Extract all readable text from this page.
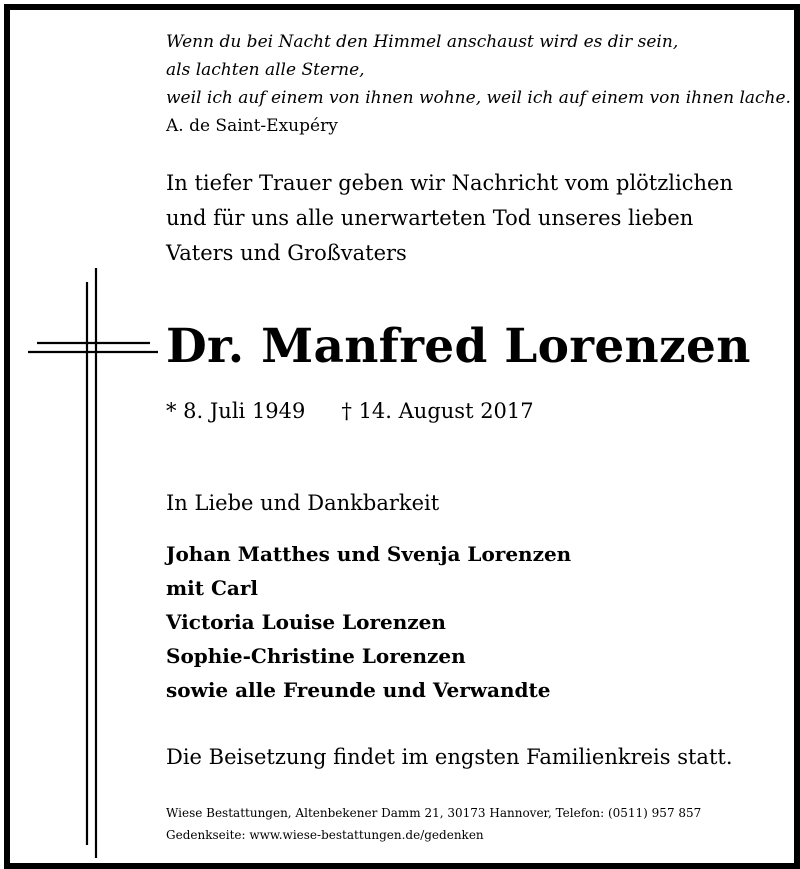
Wenn du bei Nacht den Himmel anschaust wird es dir sein,
als lachten alle Sterne,
weil ich auf einem von ihnen wohne, weil ich auf einem von ihnen lache.
A. de Saint-Exupéry
In tiefer Trauer geben wir Nachricht vom plötzlichen
und für uns alle unerwarteten Tod unseres lieben
Vaters und Großvaters
Dr. Manfred Lorenzen
* 8. Juli 1949 † 14. August 2017
In Liebe und Dankbarkeit
Johan Matthes und Svenja Lorenzen
mit Carl
Victoria Louise Lorenzen
Sophie-Christine Lorenzen
sowie alle Freunde und Verwandte
Die Beisetzung findet im engsten Familienkreis statt.
Wiese Bestattungen, Altenbekener Damm 21, 30173 Hannover, Telefon: (0511) 957 857
Gedenkseite: www.wiese-bestattungen.de/gedenken
